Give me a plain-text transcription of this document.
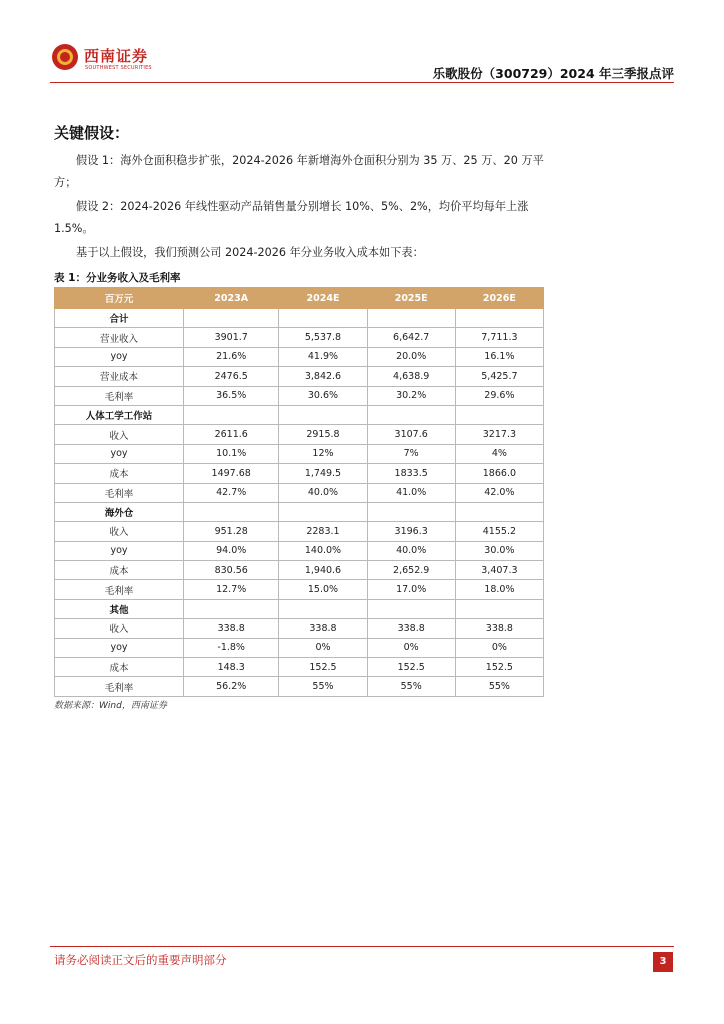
西南证券
SOUTHWEST SECURITIES	乐歌股份（300729）2024 年三季报点评
关键假设：

假设 1：海外仓面积稳步扩张，2024-2026 年新增海外仓面积分别为 35 万、25 万、20 万平方；

假设 2：2024-2026 年线性驱动产品销售量分别增长 10%、5%、2%，均价平均每年上涨 1.5%。

基于以上假设，我们预测公司 2024-2026 年分业务收入成本如下表：

表 1：分业务收入及毛利率
百万元	2023A	2024E	2025E	2026E
合计				
营业收入	3901.7	5,537.8	6,642.7	7,711.3
yoy	21.6%	41.9%	20.0%	16.1%
营业成本	2476.5	3,842.6	4,638.9	5,425.7
毛利率	36.5%	30.6%	30.2%	29.6%
人体工学工作站				
收入	2611.6	2915.8	3107.6	3217.3
yoy	10.1%	12%	7%	4%
成本	1497.68	1,749.5	1833.5	1866.0
毛利率	42.7%	40.0%	41.0%	42.0%
海外仓				
收入	951.28	2283.1	3196.3	4155.2
yoy	94.0%	140.0%	40.0%	30.0%
成本	830.56	1,940.6	2,652.9	3,407.3
毛利率	12.7%	15.0%	17.0%	18.0%
其他				
收入	338.8	338.8	338.8	338.8
yoy	-1.8%	0%	0%	0%
成本	148.3	152.5	152.5	152.5
毛利率	56.2%	55%	55%	55%
数据来源：Wind，西南证券
请务必阅读正文后的重要声明部分	3
